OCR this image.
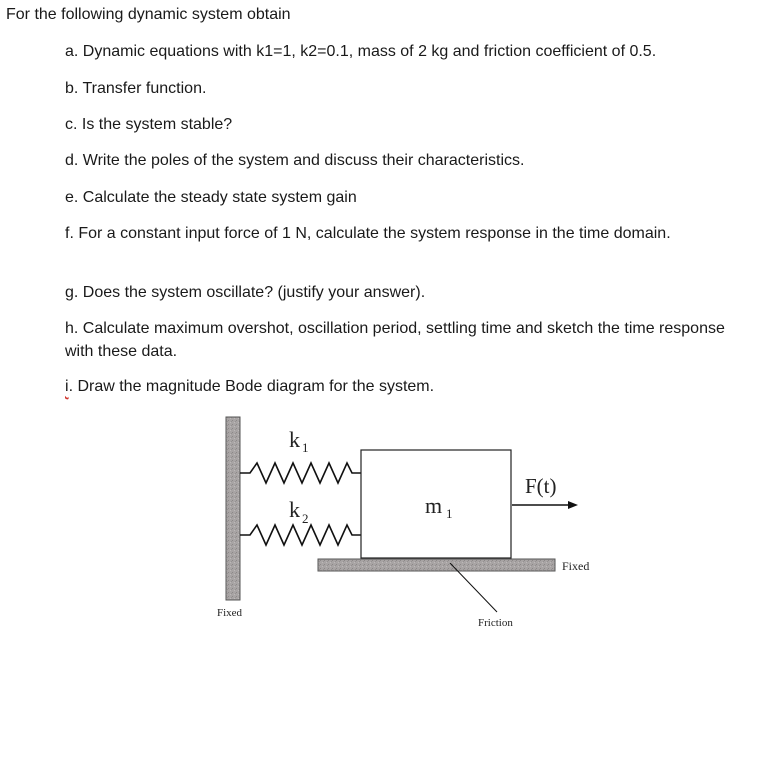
For the following dynamic system obtain
a. Dynamic equations with k1=1, k2=0.1, mass of 2 kg and friction coefficient of 0.5.
b. Transfer function.
c. Is the system stable?
d. Write the poles of the system and discuss their characteristics.
e. Calculate the steady state system gain
f. For a constant input force of 1 N, calculate the system response in the time domain.
g. Does the system oscillate? (justify your answer).
h. Calculate maximum overshot, oscillation period, settling time and sketch the time response with these data.
i. Draw the magnitude Bode diagram for the system.
k 1
k 2
m 1
F(t)
Fixed
Fixed
Friction
